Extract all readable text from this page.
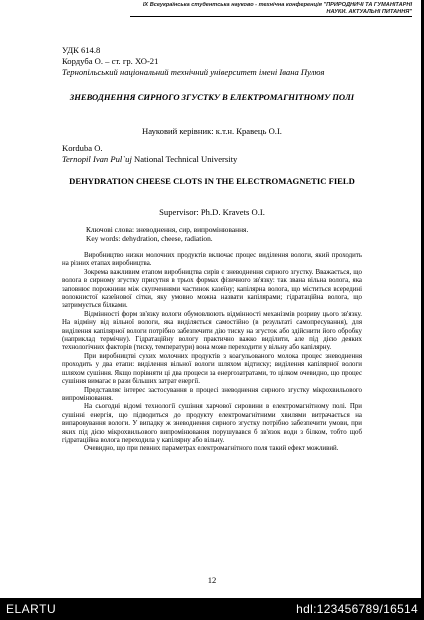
IX Всеукраїнська студентська науково - технічна конференція "ПРИРОДНИЧІ ТА ГУМАНІТАРНІ НАУКИ. АКТУАЛЬНІ ПИТАННЯ"
УДК 614.8
Кордуба О. – ст. гр. ХО-21
Тернопільський національний технічний університет імені Івана Пулюя
ЗНЕВОДНЕННЯ СИРНОГО ЗГУСТКУ В ЕЛЕКТРОМАГНІТНОМУ ПОЛІ
Науковий керівник: к.т.н. Кравець О.І.
Korduba O.
Ternopil Ivan Pul`uj National Technical University
DEHYDRATION CHEESE CLOTS IN THE ELECTROMAGNETIC FIELD
Supervisor: Ph.D. Kravets O.I.
Ключові слова: зневоднення, сир, випромінювання.
Key words: dehydration, cheese, radiation.

Виробництво низки молочних продуктів включає процес виділення вологи, який проходить на різних етапах виробництва.

Зокрема важливим етапом виробництва сирів є зневоднення сирного згустку. Вважається, що волога в сирному згустку присутня в трьох формах фізичного зв'язку: так звана вільна волога, яка заповнює порожнини між скупченнями частинок казеїну; капілярна волога, що міститься всередині волокнистої казеїнової сітки, яку умовно можна назвати капілярами; гідратаційна волога, що затримується білками.

Відмінності форм зв'язку вологи обумовлюють відмінності механізмів розриву цього зв'язку. На відміну від вільної вологи, яка виділяється самостійно (в результаті самопресування), для виділення капілярної вологи потрібно забезпечити дію тиску на згусток або здійснити його обробку (наприклад термічну). Гідратаційну вологу практично важко виділити, але під дією деяких технологічних факторів (тиску, температури) вона може переходити у вільну або капілярну.

При виробництві сухих молочних продуктів з коагульованого молока процес зневоднення проходить у два етапи: виділення вільної вологи шляхом відтиску; виділення капілярної вологи шляхом сушіння. Якщо порівняти ці два процеси за енергозатратами, то цілком очевидно, що процес сушіння вимагає в рази більших затрат енергії.

Представляє інтерес застосування в процесі зневоднення сирного згустку мікрохвильового випромінювання.

На сьогодні відомі технології сушіння харчової сировини в електромагнітному полі. При сушінні енергія, що підводиться до продукту електромагнітними хвилями витрачається на випаровування вологи. У випадку ж зневоднення сирного згустку потрібно забезпечити умови, при яких під дією мікрохвильового випромінювання порушувався б зв'язок води з білком, тобто щоб гідратаційна волога переходила у капілярну або вільну.

Очевидно, що при певних параметрах електромагнітного поля такий ефект можливий.

12
ELARTU	hdl:123456789/16514
